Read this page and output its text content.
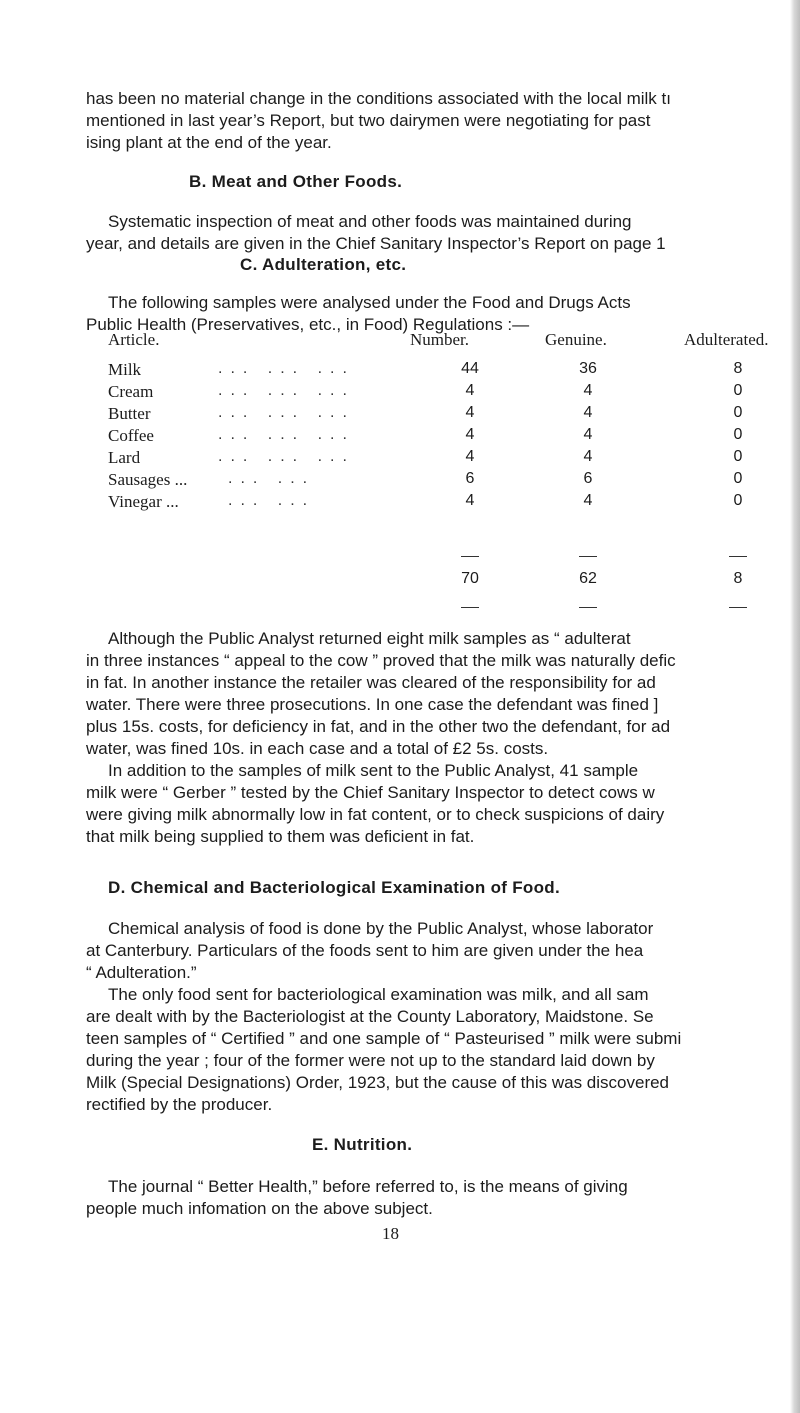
has been no material change in the conditions associated with the local milk tı
mentioned in last year’s Report, but two dairymen were negotiating for past
ising plant at the end of the year.
B. Meat and Other Foods.
Systematic inspection of meat and other foods was maintained during
year, and details are given in the Chief Sanitary Inspector’s Report on page 1
C. Adulteration, etc.
The following samples were analysed under the Food and Drugs Acts
Public Health (Preservatives, etc., in Food) Regulations :—
Article.	Number.	Genuine.	Adulterated.
Milk	... ... ...	44	36	8
Cream	... ... ...	4	4	0
Butter	... ... ...	4	4	0
Coffee	... ... ...	4	4	0
Lard	... ... ...	4	4	0
Sausages ...	... ...	6	6	0
Vinegar ...	... ...	4	4	0
70	62	8
Although the Public Analyst returned eight milk samples as “ adulterat
in three instances “ appeal to the cow ” proved that the milk was naturally defic
in fat. In another instance the retailer was cleared of the responsibility for ad
water. There were three prosecutions. In one case the defendant was fined ]
plus 15s. costs, for deficiency in fat, and in the other two the defendant, for ad
water, was fined 10s. in each case and a total of £2 5s. costs.
In addition to the samples of milk sent to the Public Analyst, 41 sample
milk were “ Gerber ” tested by the Chief Sanitary Inspector to detect cows w
were giving milk abnormally low in fat content, or to check suspicions of dairy
that milk being supplied to them was deficient in fat.
D. Chemical and Bacteriological Examination of Food.
Chemical analysis of food is done by the Public Analyst, whose laborator
at Canterbury. Particulars of the foods sent to him are given under the hea
“ Adulteration.”
The only food sent for bacteriological examination was milk, and all sam
are dealt with by the Bacteriologist at the County Laboratory, Maidstone. Se
teen samples of “ Certified ” and one sample of “ Pasteurised ” milk were submi
during the year ; four of the former were not up to the standard laid down by
Milk (Special Designations) Order, 1923, but the cause of this was discovered
rectified by the producer.
E. Nutrition.
The journal “ Better Health,” before referred to, is the means of giving
people much infomation on the above subject.
18
